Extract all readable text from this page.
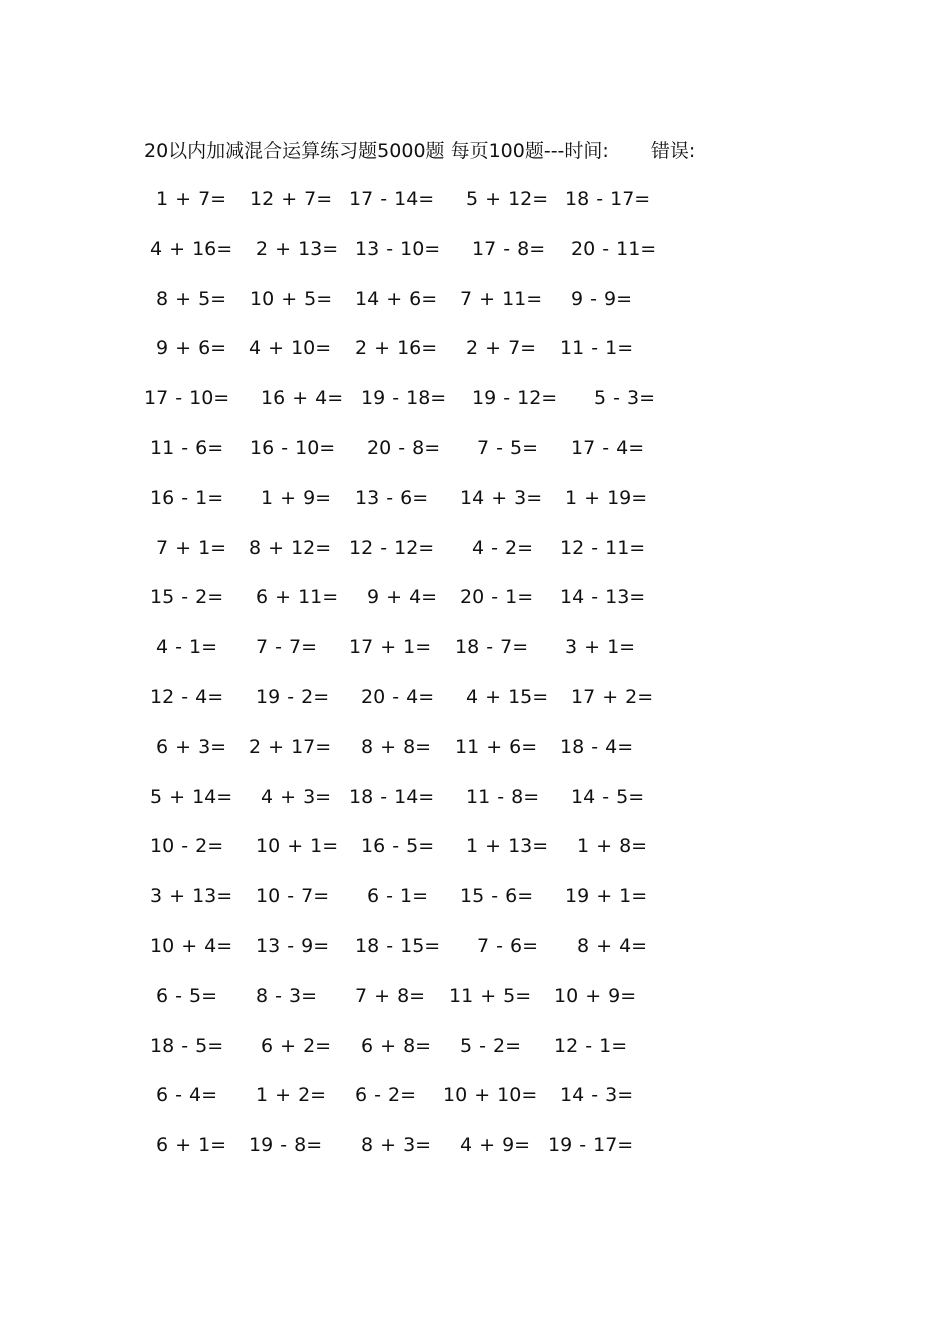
20以内加减混合运算练习题5000题 每页100题---时间: 错误:
1 + 7= 12 + 7= 17 - 14= 5 + 12= 18 - 17=
4 + 16= 2 + 13= 13 - 10= 17 - 8= 20 - 11=
8 + 5= 10 + 5= 14 + 6= 7 + 11= 9 - 9=
9 + 6= 4 + 10= 2 + 16= 2 + 7= 11 - 1=
17 - 10= 16 + 4= 19 - 18= 19 - 12= 5 - 3=
11 - 6= 16 - 10= 20 - 8= 7 - 5= 17 - 4=
16 - 1= 1 + 9= 13 - 6= 14 + 3= 1 + 19=
7 + 1= 8 + 12= 12 - 12= 4 - 2= 12 - 11=
15 - 2= 6 + 11= 9 + 4= 20 - 1= 14 - 13=
4 - 1= 7 - 7= 17 + 1= 18 - 7= 3 + 1=
12 - 4= 19 - 2= 20 - 4= 4 + 15= 17 + 2=
6 + 3= 2 + 17= 8 + 8= 11 + 6= 18 - 4=
5 + 14= 4 + 3= 18 - 14= 11 - 8= 14 - 5=
10 - 2= 10 + 1= 16 - 5= 1 + 13= 1 + 8=
3 + 13= 10 - 7= 6 - 1= 15 - 6= 19 + 1=
10 + 4= 13 - 9= 18 - 15= 7 - 6= 8 + 4=
6 - 5= 8 - 3= 7 + 8= 11 + 5= 10 + 9=
18 - 5= 6 + 2= 6 + 8= 5 - 2= 12 - 1=
6 - 4= 1 + 2= 6 - 2= 10 + 10= 14 - 3=
6 + 1= 19 - 8= 8 + 3= 4 + 9= 19 - 17=
